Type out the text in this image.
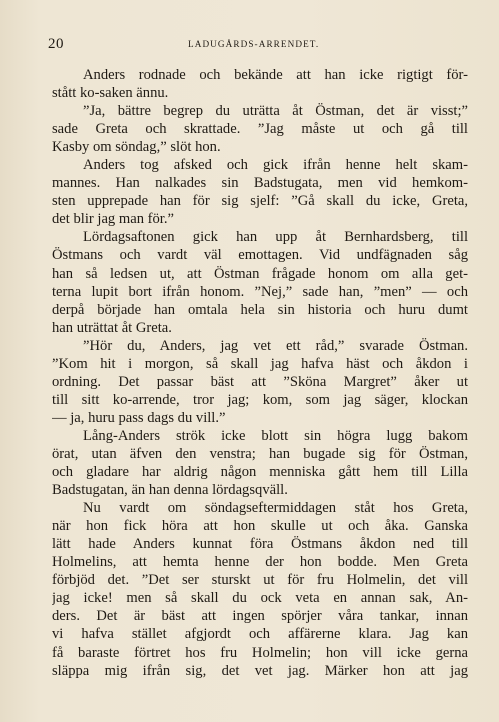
20	LADUGÅRDS-ARRENDET.
Anders rodnade och bekände att han icke rigtigt för-
stått ko-saken ännu.
”Ja, bättre begrep du uträtta åt Östman, det är visst;”
sade Greta och skrattade. ”Jag måste ut och gå till
Kasby om söndag,” slöt hon.
Anders tog afsked och gick ifrån henne helt skam-
mannes. Han nalkades sin Badstugata, men vid hemkom-
sten upprepade han för sig sjelf: ”Gå skall du icke, Greta,
det blir jag man för.”
Lördagsaftonen gick han upp åt Bernhardsberg, till
Östmans och vardt väl emottagen. Vid undfägnaden såg
han så ledsen ut, att Östman frågade honom om alla get-
terna lupit bort ifrån honom. ”Nej,” sade han, ”men” — och
derpå började han omtala hela sin historia och huru dumt
han uträttat åt Greta.
”Hör du, Anders, jag vet ett råd,” svarade Östman.
”Kom hit i morgon, så skall jag hafva häst och åkdon i
ordning. Det passar bäst att ”Sköna Margret” åker ut
till sitt ko-arrende, tror jag; kom, som jag säger, klockan
— ja, huru pass dags du vill.”
Lång-Anders strök icke blott sin högra lugg bakom
örat, utan äfven den venstra; han bugade sig för Östman,
och gladare har aldrig någon menniska gått hem till Lilla
Badstugatan, än han denna lördagsqväll.
Nu vardt om söndagseftermiddagen ståt hos Greta,
när hon fick höra att hon skulle ut och åka. Ganska
lätt hade Anders kunnat föra Östmans åkdon ned till
Holmelins, att hemta henne der hon bodde. Men Greta
förbjöd det. ”Det ser sturskt ut för fru Holmelin, det vill
jag icke! men så skall du ock veta en annan sak, An-
ders. Det är bäst att ingen spörjer våra tankar, innan
vi hafva stället afgjordt och affärerne klara. Jag kan
få baraste förtret hos fru Holmelin; hon vill icke gerna
släppa mig ifrån sig, det vet jag. Märker hon att jag
